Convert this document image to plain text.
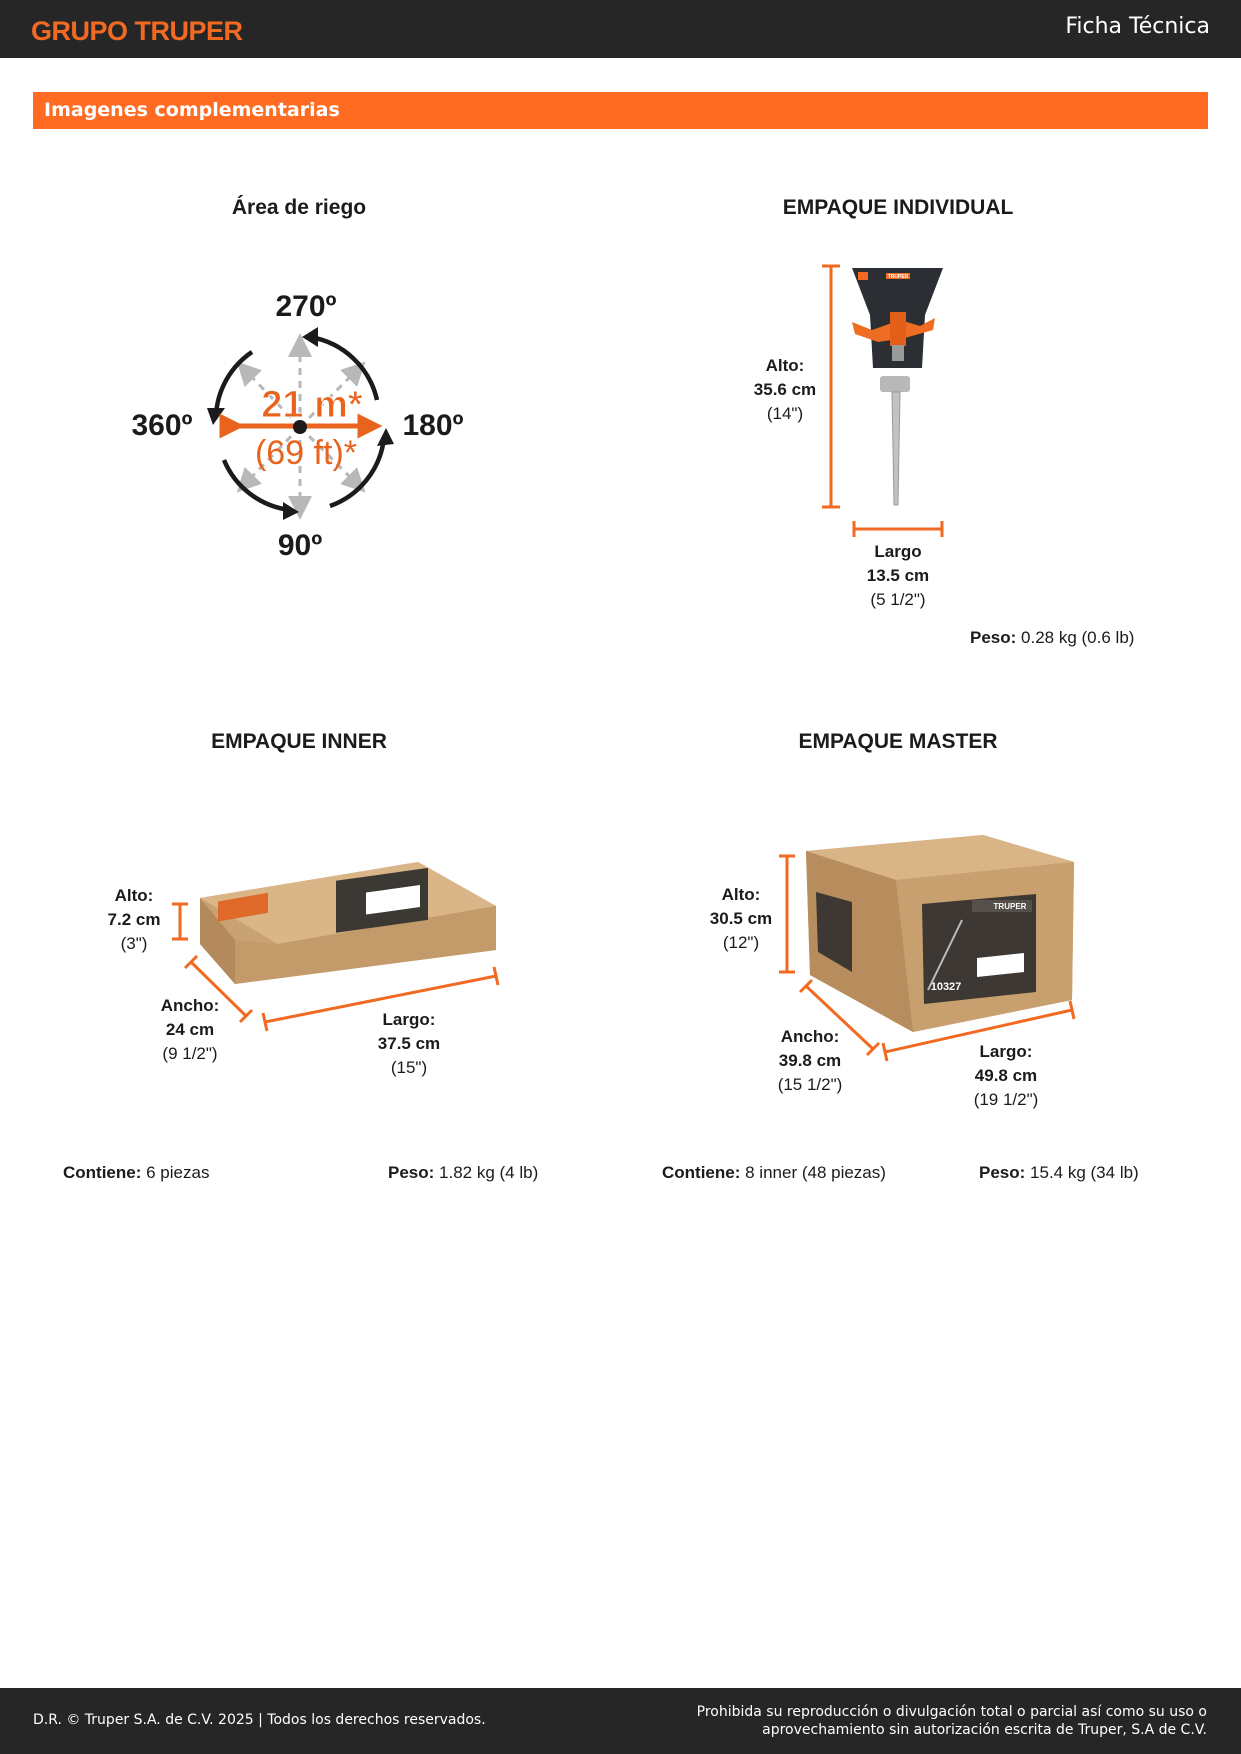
GRUPO TRUPER	Ficha Técnica
Imagenes complementarias
Área de riego
270º
360º	180º
90º
21 m*
(69 ft)*
EMPAQUE INDIVIDUAL
TRUPER
Alto:
35.6 cm
(14")
Largo
13.5 cm
(5 1/2")
Peso: 0.28 kg (0.6 lb)
EMPAQUE INNER
Alto:
7.2 cm
(3")
Ancho:
24 cm
(9 1/2")
Largo:
37.5 cm
(15")
Contiene: 6 piezas	Peso: 1.82 kg (4 lb)
EMPAQUE MASTER
TRUPER
10327
Alto:
30.5 cm
(12")
Ancho:
39.8 cm
(15 1/2")
Largo:
49.8 cm
(19 1/2")
Contiene: 8 inner (48 piezas)	Peso: 15.4 kg (34 lb)
D.R. © Truper S.A. de C.V. 2025 | Todos los derechos reservados.	Prohibida su reproducción o divulgación total o parcial así como su uso o
aprovechamiento sin autorización escrita de Truper, S.A de C.V.
